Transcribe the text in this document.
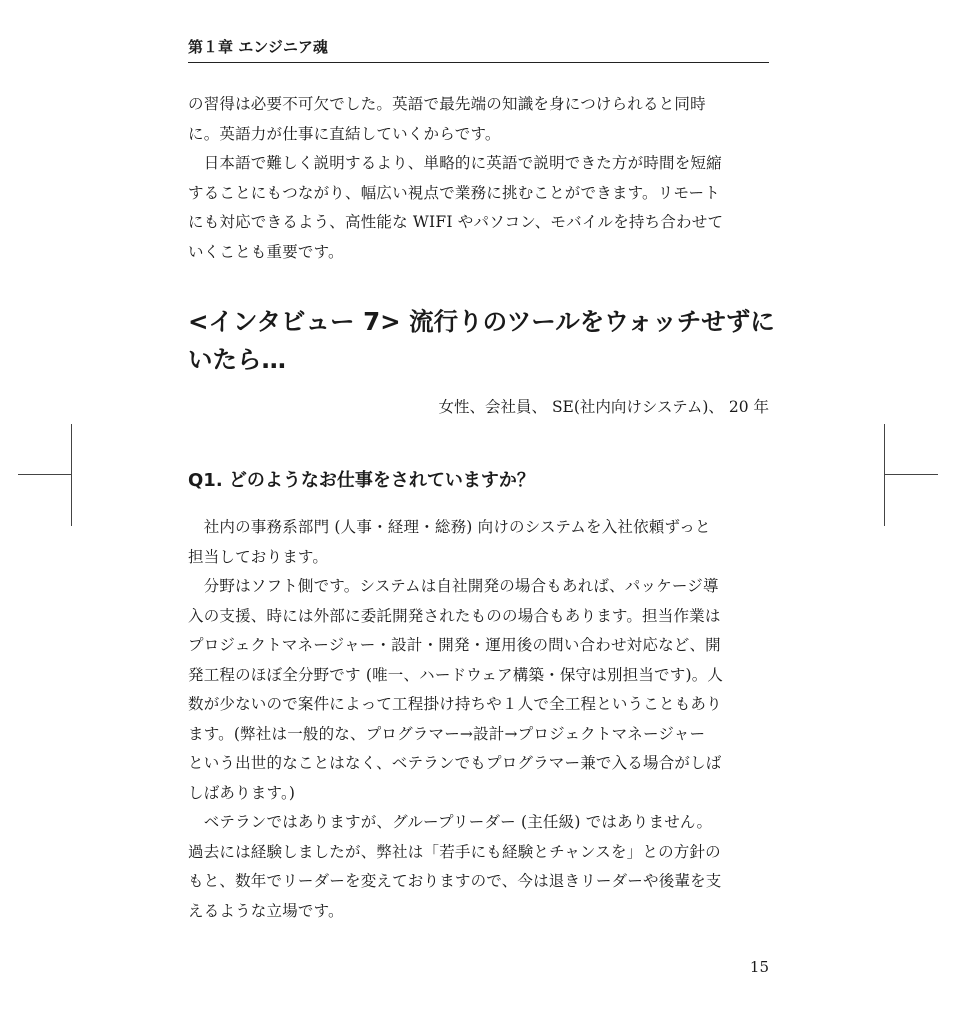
第１章 エンジニア魂
の習得は必要不可欠でした。英語で最先端の知識を身につけられると同時
に。英語力が仕事に直結していくからです。
　日本語で難しく説明するより、単略的に英語で説明できた方が時間を短縮
することにもつながり、幅広い視点で業務に挑むことができます。リモート
にも対応できるよう、高性能な WIFI やパソコン、モバイルを持ち合わせて
いくことも重要です。
<インタビュー 7> 流行りのツールをウォッチせずに
いたら…
女性、会社員、 SE(社内向けシステム)、 20 年
Q1. どのようなお仕事をされていますか？
　社内の事務系部門 (人事・経理・総務) 向けのシステムを入社依頼ずっと
担当しております。
　分野はソフト側です。システムは自社開発の場合もあれば、パッケージ導
入の支援、時には外部に委託開発されたものの場合もあります。担当作業は
プロジェクトマネージャー・設計・開発・運用後の問い合わせ対応など、開
発工程のほぼ全分野です (唯一、ハードウェア構築・保守は別担当です)。人
数が少ないので案件によって工程掛け持ちや１人で全工程ということもあり
ます。(弊社は一般的な、プログラマー→設計→プロジェクトマネージャー
という出世的なことはなく、ベテランでもプログラマー兼で入る場合がしば
しばあります。)
　ベテランではありますが、グループリーダー (主任級) ではありません。
過去には経験しましたが、弊社は「若手にも経験とチャンスを」との方針の
もと、数年でリーダーを変えておりますので、今は退きリーダーや後輩を支
えるような立場です。
15
